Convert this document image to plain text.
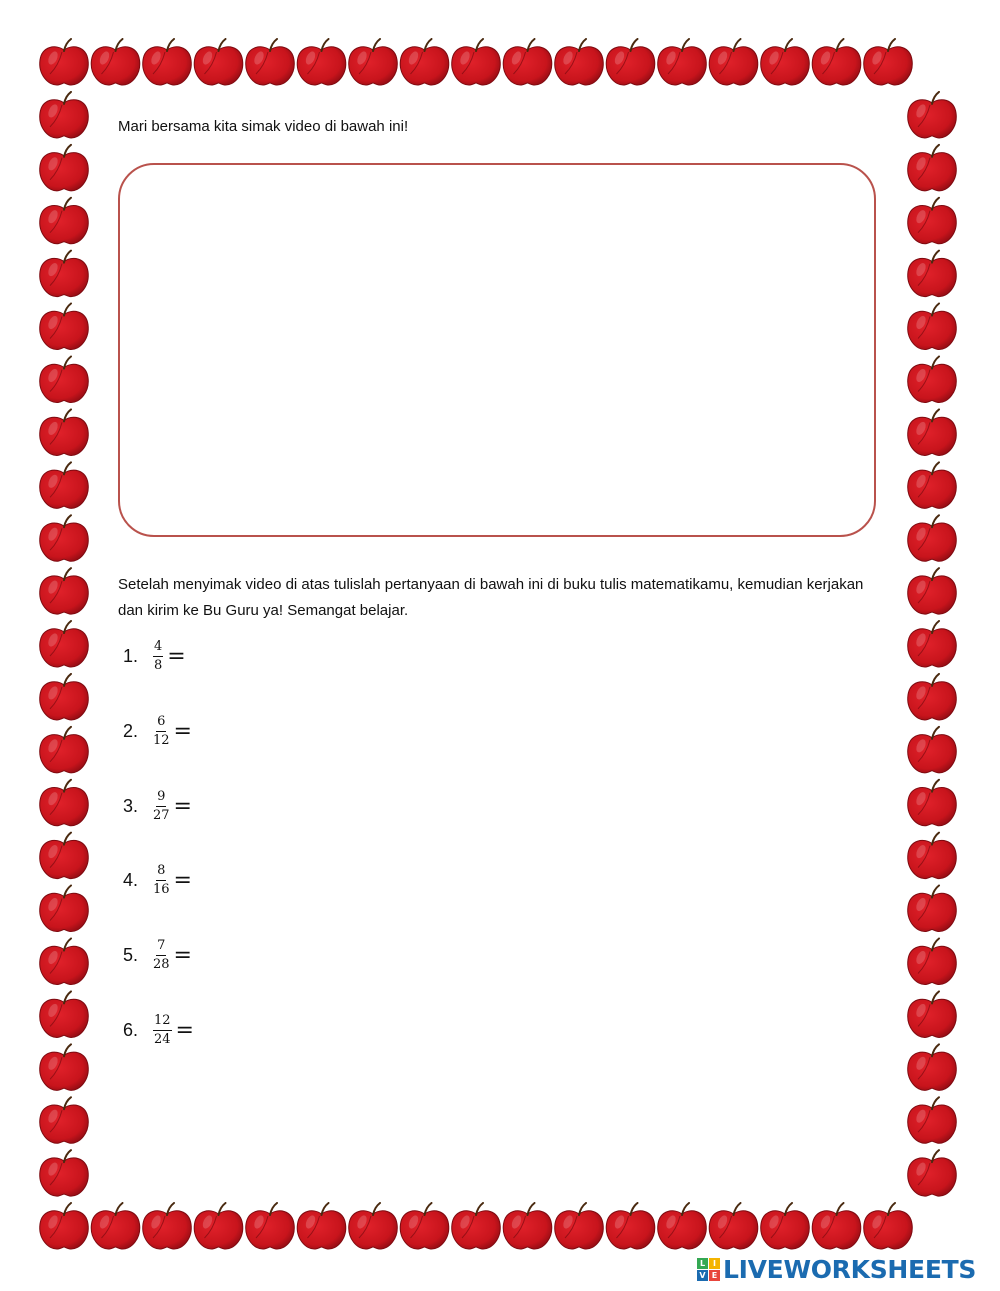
Mari bersama kita simak video di bawah ini!

Setelah menyimak video di atas tulislah pertanyaan di bawah ini di buku tulis matematikamu, kemudian kerjakan dan kirim ke Bu Guru ya! Semangat belajar.

1.	$\frac{4}{8}$ =
2.	$\frac{6}{12}$ =
3.	$\frac{9}{27}$ =
4.	$\frac{8}{16}$ =
5.	$\frac{7}{28}$ =
6.	$\frac{12}{24}$ =
L I
V E LIVEWORKSHEETS
